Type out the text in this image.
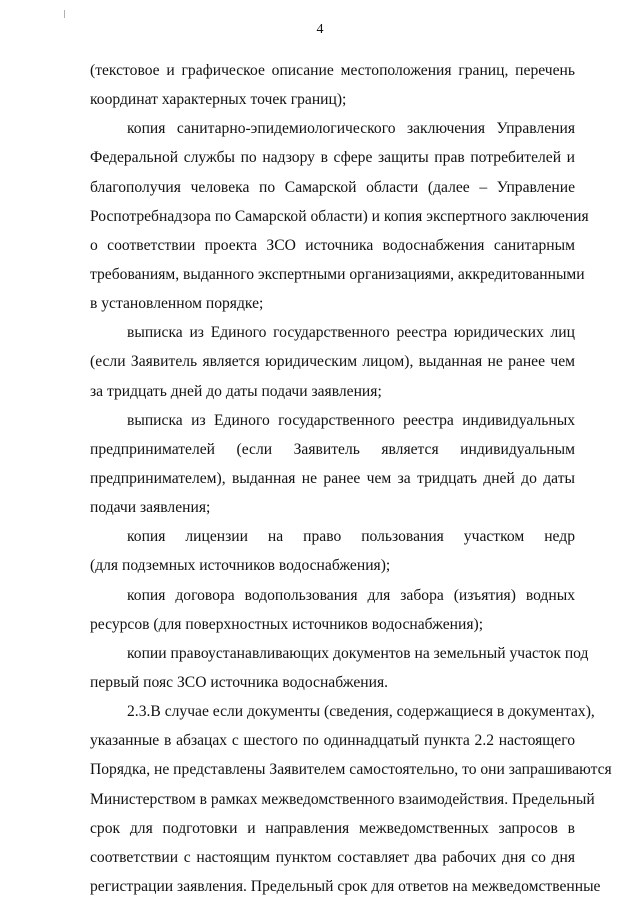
4
(текстовое и графическое описание местоположения границ, перечень
координат характерных точек границ);
копия санитарно-эпидемиологического заключения Управления
Федеральной службы по надзору в сфере защиты прав потребителей и
благополучия человека по Самарской области (далее – Управление
Роспотребнадзора по Самарской области) и копия экспертного заключения
о соответствии проекта ЗСО источника водоснабжения санитарным
требованиям, выданного экспертными организациями, аккредитованными
в установленном порядке;
выписка из Единого государственного реестра юридических лиц
(если Заявитель является юридическим лицом), выданная не ранее чем
за тридцать дней до даты подачи заявления;
выписка из Единого государственного реестра индивидуальных
предпринимателей (если Заявитель является индивидуальным
предпринимателем), выданная не ранее чем за тридцать дней до даты
подачи заявления;
копия лицензии на право пользования участком недр
(для подземных источников водоснабжения);
копия договора водопользования для забора (изъятия) водных
ресурсов (для поверхностных источников водоснабжения);
копии правоустанавливающих документов на земельный участок под
первый пояс ЗСО источника водоснабжения.
2.3. В случае если документы (сведения, содержащиеся в документах),
указанные в абзацах с шестого по одиннадцатый пункта 2.2 настоящего
Порядка, не представлены Заявителем самостоятельно, то они запрашиваются
Министерством в рамках межведомственного взаимодействия. Предельный
срок для подготовки и направления межведомственных запросов в
соответствии с настоящим пунктом составляет два рабочих дня со дня
регистрации заявления. Предельный срок для ответов на межведомственные
